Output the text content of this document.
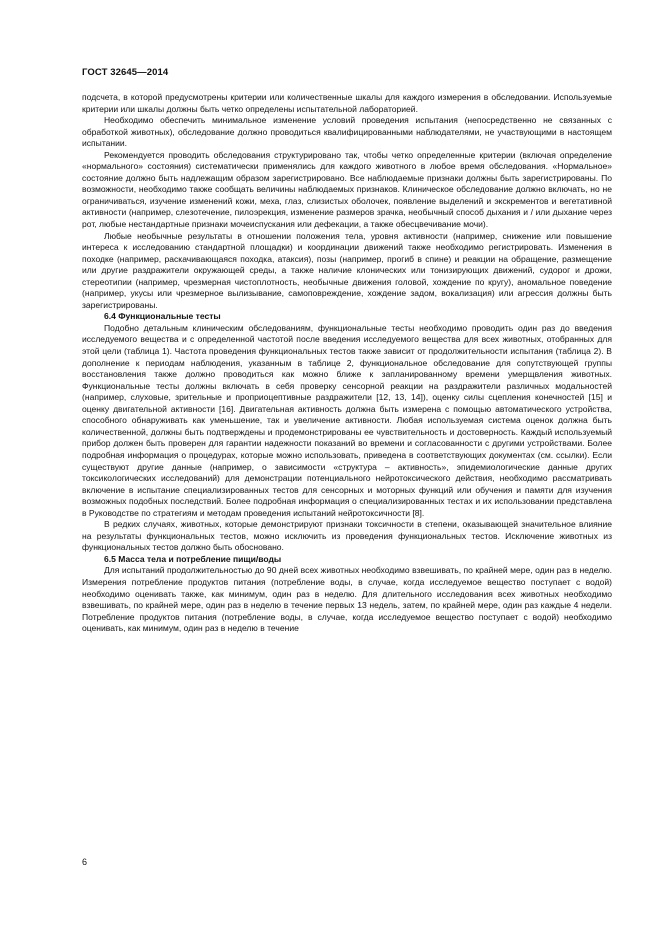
ГОСТ 32645—2014

подсчета, в которой предусмотрены критерии или количественные шкалы для каждого измерения в обследовании. Используемые критерии или шкалы должны быть четко определены испытательной лабораторией.

Необходимо обеспечить минимальное изменение условий проведения испытания (непосредственно не связанных с обработкой животных), обследование должно проводиться квалифицированными наблюдателями, не участвующими в настоящем испытании.

Рекомендуется проводить обследования структурировано так, чтобы четко определенные критерии (включая определение «нормального» состояния) систематически применялись для каждого животного в любое время обследования. «Нормальное» состояние должно быть надлежащим образом зарегистрировано. Все наблюдаемые признаки должны быть зарегистрированы. По возможности, необходимо также сообщать величины наблюдаемых признаков. Клиническое обследование должно включать, но не ограничиваться, изучение изменений кожи, меха, глаз, слизистых оболочек, появление выделений и экскрементов и вегетативной активности (например, слезотечение, пилоэрекция, изменение размеров зрачка, необычный способ дыхания и / или дыхание через рот, любые нестандартные признаки мочеиспускания или дефекации, а также обесцвечивание мочи).

Любые необычные результаты в отношении положения тела, уровня активности (например, снижение или повышение интереса к исследованию стандартной площадки) и координации движений также необходимо регистрировать. Изменения в походке (например, раскачивающаяся походка, атаксия), позы (например, прогиб в спине) и реакции на обращение, размещение или другие раздражители окружающей среды, а также наличие клонических или тонизирующих движений, судорог и дрожи, стереотипии (например, чрезмерная чистоплотность, необычные движения головой, хождение по кругу), аномальное поведение (например, укусы или чрезмерное вылизывание, самоповреждение, хождение задом, вокализация) или агрессия должны быть зарегистрированы.

6.4 Функциональные тесты

Подобно детальным клиническим обследованиям, функциональные тесты необходимо проводить один раз до введения исследуемого вещества и с определенной частотой после введения исследуемого вещества для всех животных, отобранных для этой цели (таблица 1). Частота проведения функциональных тестов также зависит от продолжительности испытания (таблица 2). В дополнение к периодам наблюдения, указанным в таблице 2, функциональное обследование для сопутствующей группы восстановления также должно проводиться как можно ближе к запланированному времени умерщвления животных. Функциональные тесты должны включать в себя проверку сенсорной реакции на раздражители различных модальностей (например, слуховые, зрительные и проприоцептивные раздражители [12, 13, 14]), оценку силы сцепления конечностей [15] и оценку двигательной активности [16]. Двигательная активность должна быть измерена с помощью автоматического устройства, способного обнаруживать как уменьшение, так и увеличение активности. Любая используемая система оценок должна быть количественной, должны быть подтверждены и продемонстрированы ее чувствительность и достоверность. Каждый используемый прибор должен быть проверен для гарантии надежности показаний во времени и согласованности с другими устройствами. Более подробная информация о процедурах, которые можно использовать, приведена в соответствующих документах (см. ссылки). Если существуют другие данные (например, о зависимости «структура – активность», эпидемиологические данные других токсикологических исследований) для демонстрации потенциального нейротоксического действия, необходимо рассматривать включение в испытание специализированных тестов для сенсорных и моторных функций или обучения и памяти для изучения возможных подобных последствий. Более подробная информация о специализированных тестах и их использовании представлена в Руководстве по стратегиям и методам проведения испытаний нейротоксичности [8].

В редких случаях, животных, которые демонстрируют признаки токсичности в степени, оказывающей значительное влияние на результаты функциональных тестов, можно исключить из проведения функциональных тестов. Исключение животных из функциональных тестов должно быть обосновано.

6.5 Масса тела и потребление пищи/воды

Для испытаний продолжительностью до 90 дней всех животных необходимо взвешивать, по крайней мере, один раз в неделю. Измерения потребление продуктов питания (потребление воды, в случае, когда исследуемое вещество поступает с водой) необходимо оценивать также, как минимум, один раз в неделю. Для длительного исследования всех животных необходимо взвешивать, по крайней мере, один раз в неделю в течение первых 13 недель, затем, по крайней мере, один раз каждые 4 недели. Потребление продуктов питания (потребление воды, в случае, когда исследуемое вещество поступает с водой) необходимо оценивать, как минимум, один раз в неделю в течение

6
